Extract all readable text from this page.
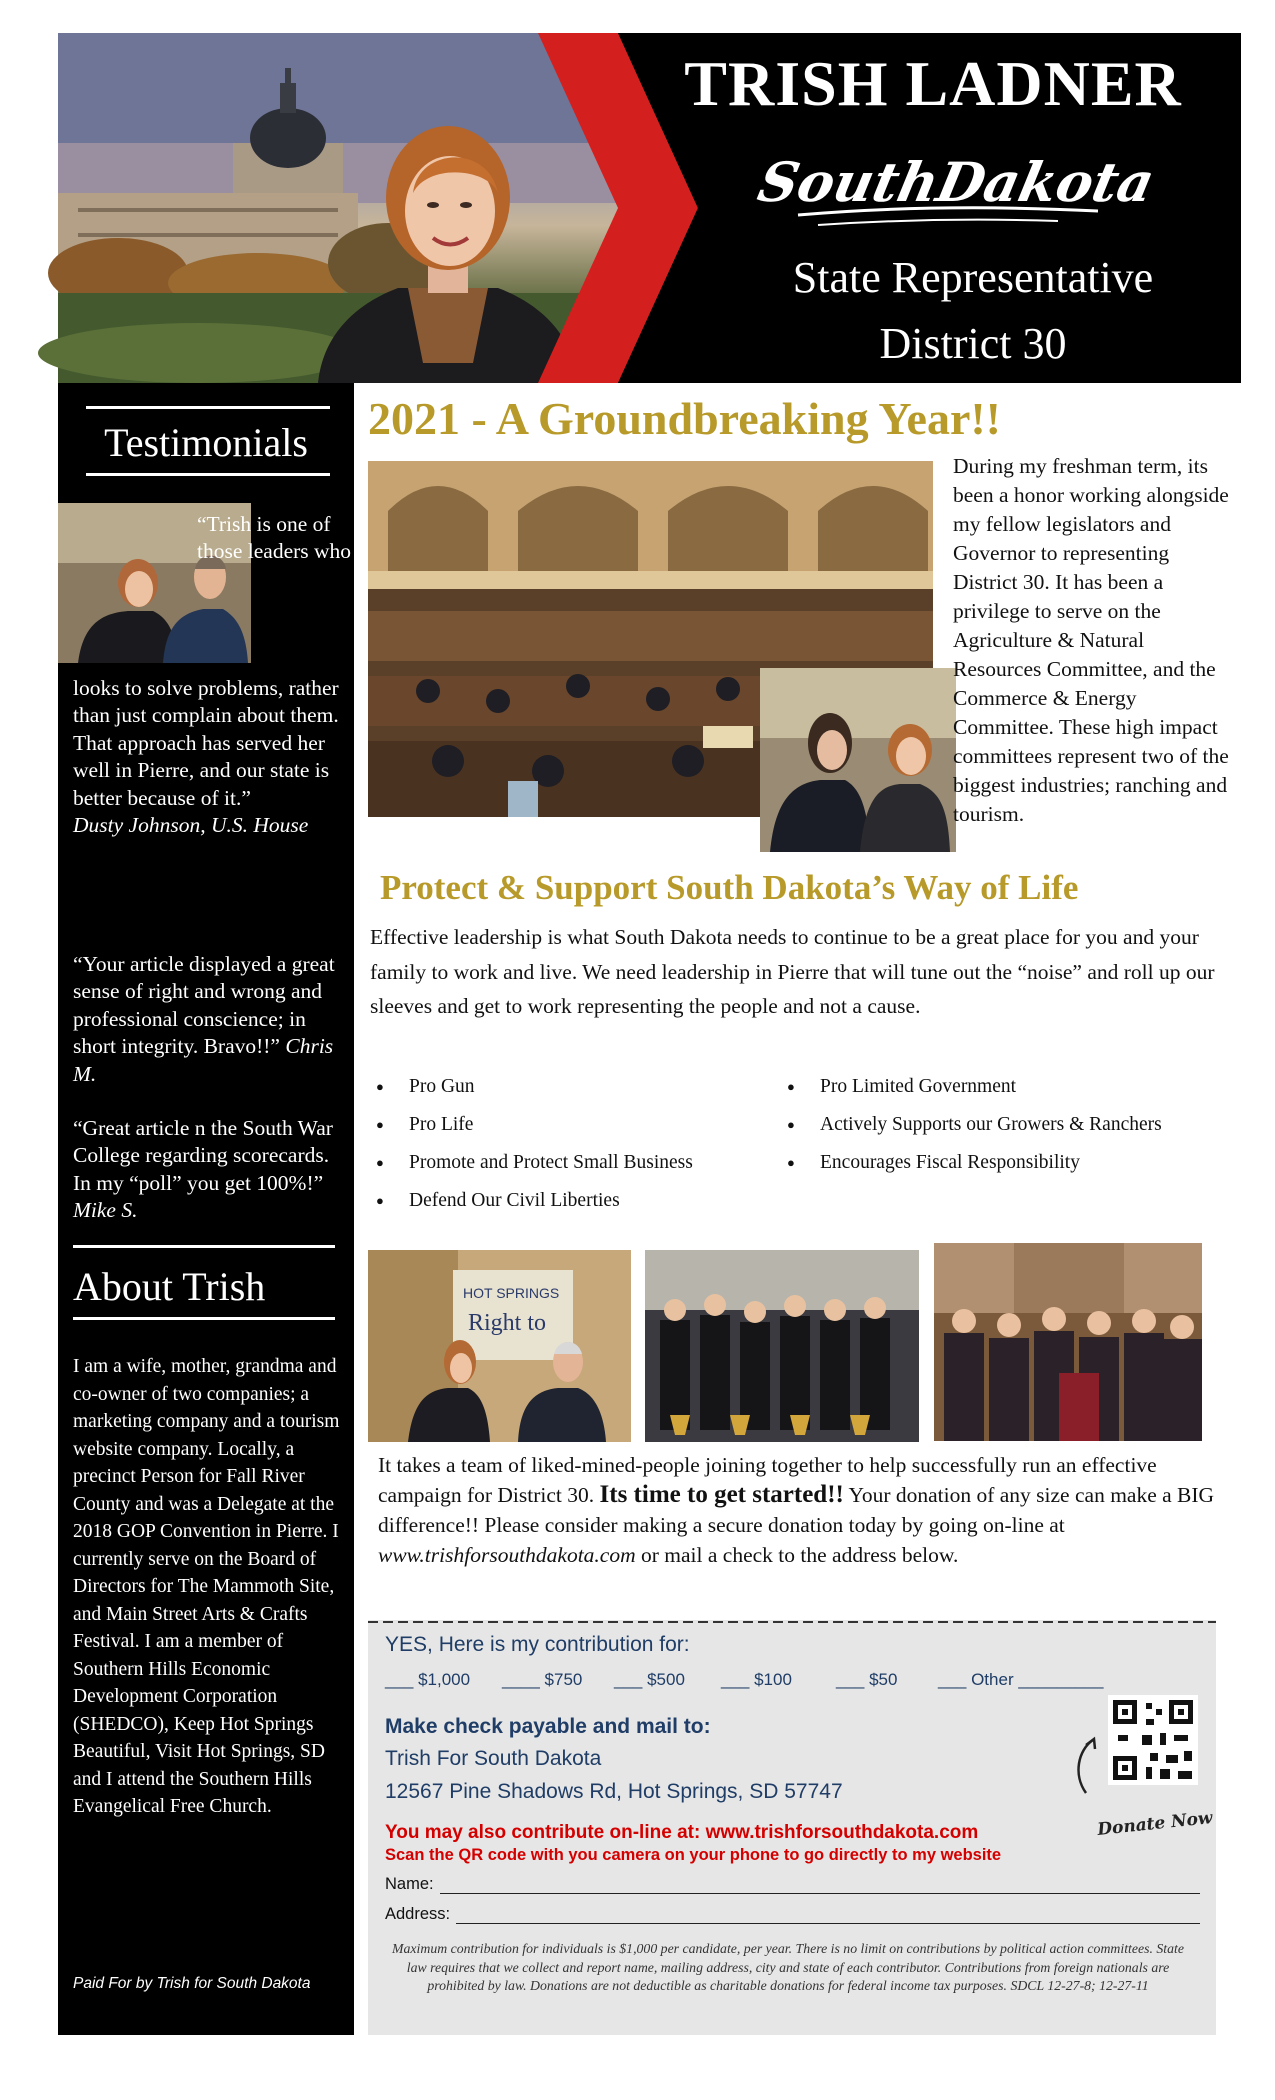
TRISH LADNER
SouthDakota
State Representative
District 30
Testimonials
“Trish is one of those leaders who
looks to solve problems, rather than just complain about them. That approach has served her well in Pierre, and our state is better because of it.”
Dusty Johnson, U.S. House
“Your article displayed a great sense of right and wrong and professional conscience; in short integrity. Bravo!!” Chris M.
“Great article n the South War College regarding scorecards. In my “poll” you get 100%!” Mike S.
About Trish
I am a wife, mother, grandma and co-owner of two companies; a marketing company and a tourism website company. Locally, a precinct Person for Fall River County and was a Delegate at the 2018 GOP Convention in Pierre. I currently serve on the Board of Directors for The Mammoth Site, and Main Street Arts & Crafts Festival. I am a member of Southern Hills Economic Development Corporation (SHEDCO), Keep Hot Springs Beautiful, Visit Hot Springs, SD and I attend the Southern Hills Evangelical Free Church.
Paid For by Trish for South Dakota
2021 - A Groundbreaking Year!!
During my freshman term, its been a honor working alongside my fellow legislators and Governor to representing District 30. It has been a privilege to serve on the Agriculture & Natural Resources Committee, and the Commerce & Energy Committee. These high impact committees represent two of the biggest industries; ranching and tourism.
Protect & Support South Dakota’s Way of Life
Effective leadership is what South Dakota needs to continue to be a great place for you and your family to work and live. We need leadership in Pierre that will tune out the “noise” and roll up our sleeves and get to work representing the people and not a cause.
● Pro Gun
● Pro Life
● Promote and Protect Small Business
● Defend Our Civil Liberties
● Pro Limited Government
● Actively Supports our Growers & Ranchers
● Encourages Fiscal Responsibility
HOT SPRINGS
Right to
It takes a team of liked-mined-people joining together to help successfully run an effective campaign for District 30. Its time to get started!! Your donation of any size can make a BIG difference!! Please consider making a secure donation today by going on-line at www.trishforsouthdakota.com or mail a check to the address below.
YES, Here is my contribution for:
___ $1,000	____ $750	___ $500	___ $100	___ $50	___ Other _________
Make check payable and mail to:
Trish For South Dakota
12567 Pine Shadows Rd, Hot Springs, SD 57747
You may also contribute on-line at: www.trishforsouthdakota.com
Scan the QR code with you camera on your phone to go directly to my website
Name:
Address:
Donate Now
Maximum contribution for individuals is $1,000 per candidate, per year. There is no limit on contributions by political action committees. State law requires that we collect and report name, mailing address, city and state of each contributor. Contributions from foreign nationals are prohibited by law. Donations are not deductible as charitable donations for federal income tax purposes. SDCL 12-27-8; 12-27-11
